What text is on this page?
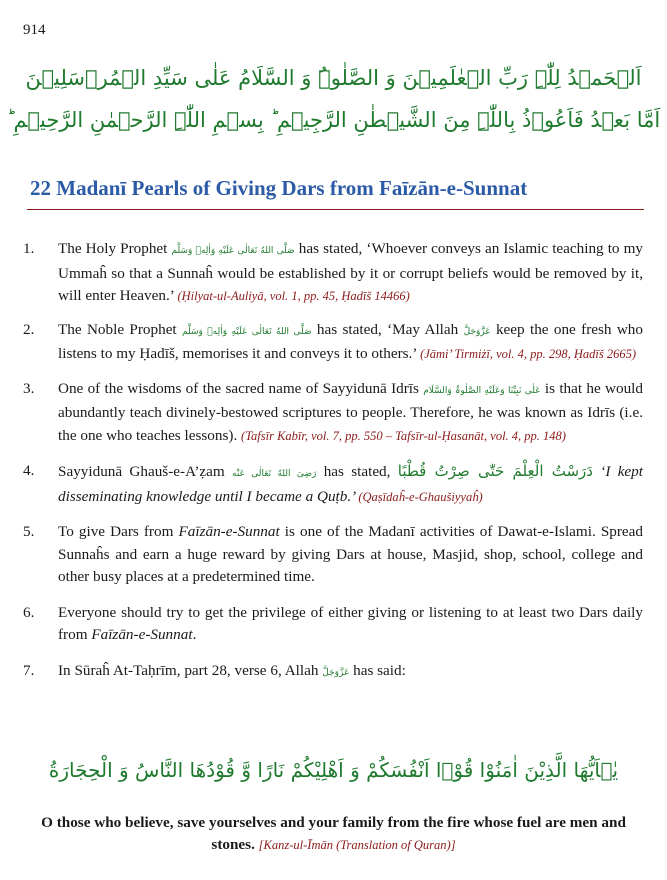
914
اَلۡحَمۡدُ لِلّٰہِ رَبِّ الۡعٰلَمِیۡنَ وَ الصَّلٰوۃُ وَ السَّلَامُ عَلٰی سَیِّدِ الۡمُرۡسَلِیۡنَ
اَمَّا بَعۡدُ فَاَعُوۡذُ بِاللّٰہِ مِنَ الشَّیۡطٰنِ الرَّجِیۡمِ ؕ بِسۡمِ اللّٰہِ الرَّحۡمٰنِ الرَّحِیۡمِ ؕ
22 Madanī Pearls of Giving Dars from Faīzān-e-Sunnat
1. The Holy Prophet صَلَّى اللهُ تَعَالٰى عَلَيْهِ وَاٰلِهٖ وَسَلَّم has stated, ‘Whoever conveys an Islamic teaching to my Ummaĥ so that a Sunnaĥ would be established by it or corrupt beliefs would be removed by it, will enter Heaven.’ (Ḥilyat-ul-Auliyā, vol. 1, pp. 45, Ḥadīš 14466)
2. The Noble Prophet صَلَّى اللهُ تَعَالٰى عَلَيْهِ وَاٰلِهٖ وَسَلَّم has stated, ‘May Allah عَزَّوَجَلَّ keep the one fresh who listens to my Ḥadīš, memorises it and conveys it to others.’ (Jāmi’ Tirmiżī, vol. 4, pp. 298, Ḥadīš 2665)
3. One of the wisdoms of the sacred name of Sayyidunā Idrīs عَلٰی نَبِیِّنَا وَعَلَیْهِ الصَّلٰوۃُ وَالسَّلَام is that he would abundantly teach divinely-bestowed scriptures to people. Therefore, he was known as Idrīs (i.e. the one who teaches lessons). (Tafsīr Kabīr, vol. 7, pp. 550 – Tafsīr-ul-Ḥasanāt, vol. 4, pp. 148)
4. Sayyidunā Ghauš-e-A’ẓam رَضِیَ اللهُ تَعَالٰی عَنْه has stated, دَرَسْتُ الْعِلْمَ حَتّٰی صِرْتُ قُطْبًا ‘I kept disseminating knowledge until I became a Quṭb.’ (Qaṣīdaĥ-e-Ghaušiyyaĥ)
5. To give Dars from Faīzān-e-Sunnat is one of the Madanī activities of Dawat-e-Islami. Spread Sunnaĥs and earn a huge reward by giving Dars at house, Masjid, shop, school, college and other busy places at a predetermined time.
6. Everyone should try to get the privilege of either giving or listening to at least two Dars daily from Faīzān-e-Sunnat.
7. In Sūraĥ At-Taḥrīm, part 28, verse 6, Allah عَزَّوَجَلَّ has said:
یٰۤاَیُّهَا الَّذِیْنَ اٰمَنُوْا قُوْۤا اَنْفُسَكُمْ وَ اَهْلِیْكُمْ نَارًا وَّ قُوْدُهَا النَّاسُ وَ الْحِجَارَةُ

O those who believe, save yourselves and your family from the fire whose fuel are men and stones. [Kanz-ul-Īmān (Translation of Quran)]
